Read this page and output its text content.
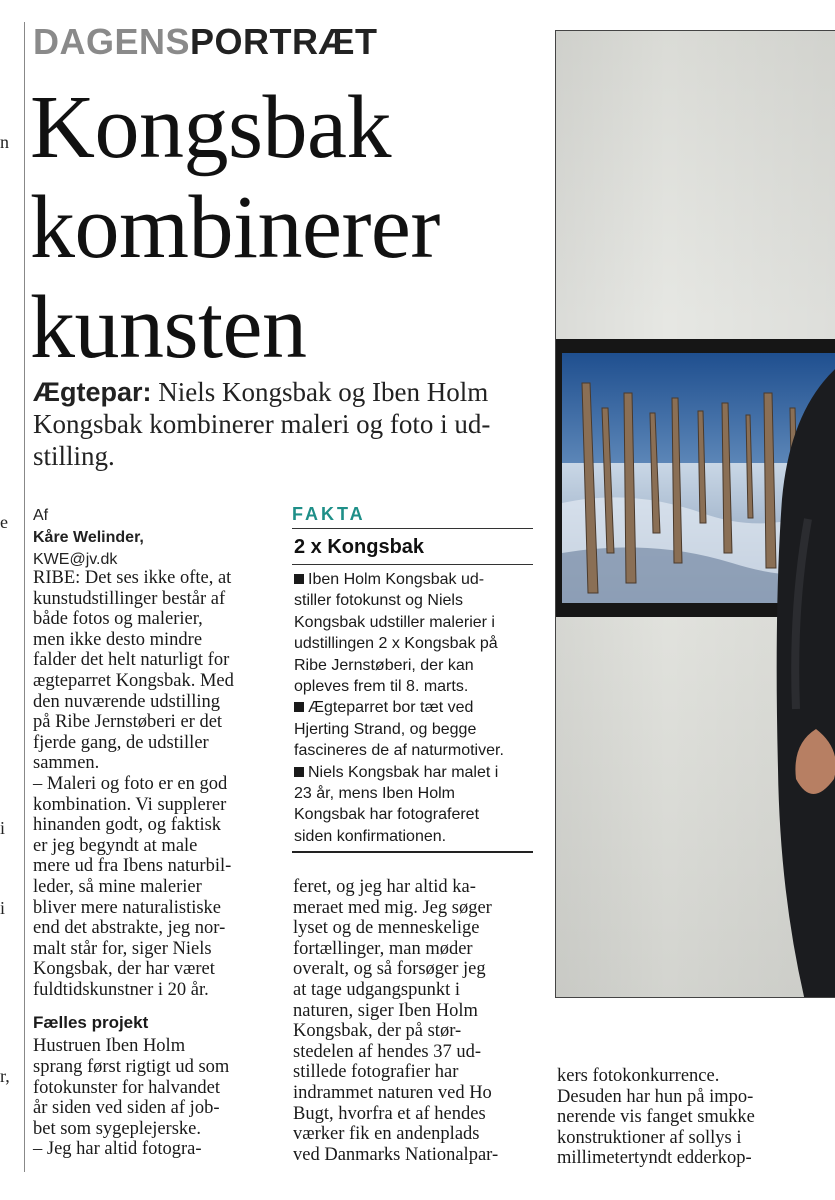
n
e
i
i
r,
DAGENSPORTRÆT
Kongsbak
kombinerer
kunsten
Ægtepar: Niels Kongsbak og Iben Holm
Kongsbak kombinerer maleri og foto i ud-
stilling.
Af
Kåre Welinder,
KWE@jv.dk
RIBE: Det ses ikke ofte, at
kunstudstillinger består af
både fotos og malerier,
men ikke desto mindre
falder det helt naturligt for
ægteparret Kongsbak. Med
den nuværende udstilling
på Ribe Jernstøberi er det
fjerde gang, de udstiller
sammen.
– Maleri og foto er en god
kombination. Vi supplerer
hinanden godt, og faktisk
er jeg begyndt at male
mere ud fra Ibens naturbil-
leder, så mine malerier
bliver mere naturalistiske
end det abstrakte, jeg nor-
malt står for, siger Niels
Kongsbak, der har været
fuldtidskunstner i 20 år.
Fælles projekt
Hustruen Iben Holm
sprang først rigtigt ud som
fotokunster for halvandet
år siden ved siden af job-
bet som sygeplejerske.
– Jeg har altid fotogra-
FAKTA
2 x Kongsbak
Iben Holm Kongsbak ud-
stiller fotokunst og Niels
Kongsbak udstiller malerier i
udstillingen 2 x Kongsbak på
Ribe Jernstøberi, der kan
opleves frem til 8. marts.
Ægteparret bor tæt ved
Hjerting Strand, og begge
fascineres de af naturmotiver.
Niels Kongsbak har malet i
23 år, mens Iben Holm
Kongsbak har fotograferet
siden konfirmationen.
feret, og jeg har altid ka-
meraet med mig. Jeg søger
lyset og de menneskelige
fortællinger, man møder
overalt, og så forsøger jeg
at tage udgangspunkt i
naturen, siger Iben Holm
Kongsbak, der på stør-
stedelen af hendes 37 ud-
stillede fotografier har
indrammet naturen ved Ho
Bugt, hvorfra et af hendes
værker fik en andenplads
ved Danmarks Nationalpar-
kers fotokonkurrence.
Desuden har hun på impo-
nerende vis fanget smukke
konstruktioner af sollys i
millimetertyndt edderkop-
